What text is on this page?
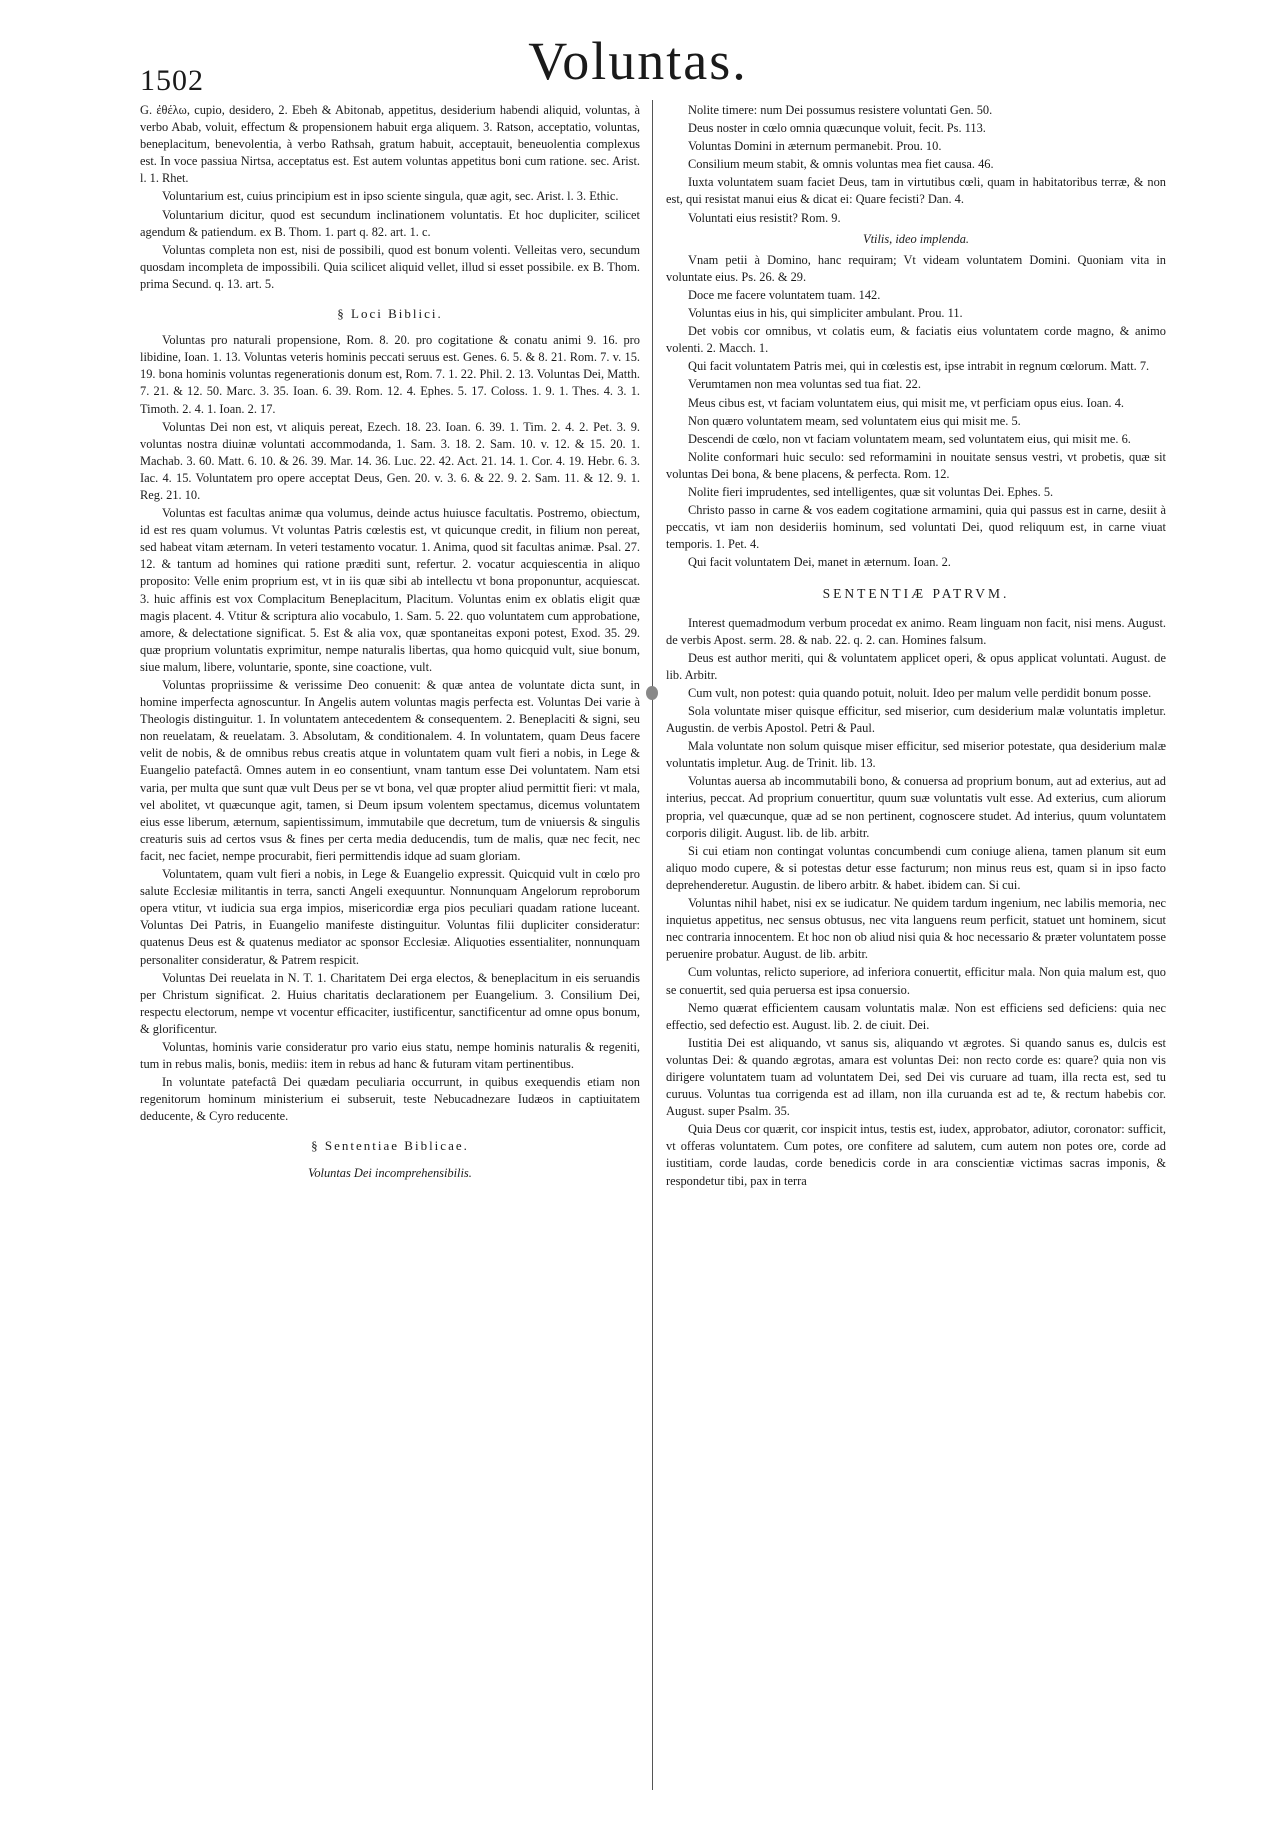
1502	Voluntas.

G. ἐθέλω, cupio, desidero, 2. Ebeh & Abitonab, appetitus, desiderium habendi aliquid, voluntas, à verbo Abab, voluit, effectum & propensionem habuit erga aliquem. 3. Ratson, acceptatio, voluntas, beneplacitum, benevolentia, à verbo Rathsah, gratum habuit, acceptauit, beneuolentia complexus est. In voce passiua Nirtsa, acceptatus est. Est autem voluntas appetitus boni cum ratione. sec. Arist. l. 1. Rhet.

Voluntarium est, cuius principium est in ipso sciente singula, quæ agit, sec. Arist. l. 3. Ethic.

Voluntarium dicitur, quod est secundum inclinationem voluntatis. Et hoc dupliciter, scilicet agendum & patiendum. ex B. Thom. 1. part q. 82. art. 1. c.

Voluntas completa non est, nisi de possibili, quod est bonum volenti. Velleitas vero, secundum quosdam incompleta de impossibili. Quia scilicet aliquid vellet, illud si esset possibile. ex B. Thom. prima Secund. q. 13. art. 5.

§ Loci Biblici.

Voluntas pro naturali propensione, Rom. 8. 20. pro cogitatione & conatu animi 9. 16. pro libidine, Ioan. 1. 13. Voluntas veteris hominis peccati seruus est. Genes. 6. 5. & 8. 21. Rom. 7. v. 15. 19. bona hominis voluntas regenerationis donum est, Rom. 7. 1. 22. Phil. 2. 13. Voluntas Dei, Matth. 7. 21. & 12. 50. Marc. 3. 35. Ioan. 6. 39. Rom. 12. 4. Ephes. 5. 17. Coloss. 1. 9. 1. Thes. 4. 3. 1. Timoth. 2. 4. 1. Ioan. 2. 17.

Voluntas Dei non est, vt aliquis pereat, Ezech. 18. 23. Ioan. 6. 39. 1. Tim. 2. 4. 2. Pet. 3. 9. voluntas nostra diuinæ voluntati accommodanda, 1. Sam. 3. 18. 2. Sam. 10. v. 12. & 15. 20. 1. Machab. 3. 60. Matt. 6. 10. & 26. 39. Mar. 14. 36. Luc. 22. 42. Act. 21. 14. 1. Cor. 4. 19. Hebr. 6. 3. Iac. 4. 15. Voluntatem pro opere acceptat Deus, Gen. 20. v. 3. 6. & 22. 9. 2. Sam. 11. & 12. 9. 1. Reg. 21. 10.

Voluntas est facultas animæ qua volumus, deinde actus huiusce facultatis. Postremo, obiectum, id est res quam volumus. Vt voluntas Patris cœlestis est, vt quicunque credit, in filium non pereat, sed habeat vitam æternam. In veteri testamento vocatur. 1. Anima, quod sit facultas animæ. Psal. 27. 12. & tantum ad homines qui ratione præditi sunt, refertur. 2. vocatur acquiescentia in aliquo proposito: Velle enim proprium est, vt in iis quæ sibi ab intellectu vt bona proponuntur, acquiescat. 3. huic affinis est vox Complacitum Beneplacitum, Placitum. Voluntas enim ex oblatis eligit quæ magis placent. 4. Vtitur & scriptura alio vocabulo, 1. Sam. 5. 22. quo voluntatem cum approbatione, amore, & delectatione significat. 5. Est & alia vox, quæ spontaneitas exponi potest, Exod. 35. 29. quæ proprium voluntatis exprimitur, nempe naturalis libertas, qua homo quicquid vult, siue bonum, siue malum, libere, voluntarie, sponte, sine coactione, vult.

Voluntas propriissime & verissime Deo conuenit: & quæ antea de voluntate dicta sunt, in homine imperfecta agnoscuntur. In Angelis autem voluntas magis perfecta est. Voluntas Dei varie à Theologis distinguitur. 1. In voluntatem antecedentem & consequentem. 2. Beneplaciti & signi, seu non reuelatam, & reuelatam. 3. Absolutam, & conditionalem. 4. In voluntatem, quam Deus facere velit de nobis, & de omnibus rebus creatis atque in voluntatem quam vult fieri a nobis, in Lege & Euangelio patefactâ. Omnes autem in eo consentiunt, vnam tantum esse Dei voluntatem. Nam etsi varia, per multa que sunt quæ vult Deus per se vt bona, vel quæ propter aliud permittit fieri: vt mala, vel abolitet, vt quæcunque agit, tamen, si Deum ipsum volentem spectamus, dicemus voluntatem eius esse liberum, æternum, sapientissimum, immutabile que decretum, tum de vniuersis & singulis creaturis suis ad certos vsus & fines per certa media deducendis, tum de malis, quæ nec fecit, nec facit, nec faciet, nempe procurabit, fieri permittendis idque ad suam gloriam.

Voluntatem, quam vult fieri a nobis, in Lege & Euangelio expressit. Quicquid vult in cœlo pro salute Ecclesiæ militantis in terra, sancti Angeli exequuntur. Nonnunquam Angelorum reproborum opera vtitur, vt iudicia sua erga impios, misericordiæ erga pios peculiari quadam ratione luceant. Voluntas Dei Patris, in Euangelio manifeste distinguitur. Voluntas filii dupliciter consideratur: quatenus Deus est & quatenus mediator ac sponsor Ecclesiæ. Aliquoties essentialiter, nonnunquam personaliter consideratur, & Patrem respicit.

Voluntas Dei reuelata in N. T. 1. Charitatem Dei erga electos, & beneplacitum in eis seruandis per Christum significat. 2. Huius charitatis declarationem per Euangelium. 3. Consilium Dei, respectu electorum, nempe vt vocentur efficaciter, iustificentur, sanctificentur ad omne opus bonum, & glorificentur.

Voluntas, hominis varie consideratur pro vario eius statu, nempe hominis naturalis & regeniti, tum in rebus malis, bonis, mediis: item in rebus ad hanc & futuram vitam pertinentibus.

In voluntate patefactâ Dei quædam peculiaria occurrunt, in quibus exequendis etiam non regenitorum hominum ministerium ei subseruit, teste Nebucadnezare Iudæos in captiuitatem deducente, & Cyro reducente.

§ Sententiae Biblicae.
Voluntas Dei incomprehensibilis.

Nolite timere: num Dei possumus resistere voluntati Gen. 50.

Deus noster in cœlo omnia quæcunque voluit, fecit. Ps. 113.

Voluntas Domini in æternum permanebit. Prou. 10.

Consilium meum stabit, & omnis voluntas mea fiet causa. 46.

Iuxta voluntatem suam faciet Deus, tam in virtutibus cœli, quam in habitatoribus terræ, & non est, qui resistat manui eius & dicat ei: Quare fecisti? Dan. 4.

Voluntati eius resistit? Rom. 9.

Vtilis, ideo implenda.

Vnam petii à Domino, hanc requiram; Vt videam voluntatem Domini. Quoniam vita in voluntate eius. Ps. 26. & 29.

Doce me facere voluntatem tuam. 142.

Voluntas eius in his, qui simpliciter ambulant. Prou. 11.

Det vobis cor omnibus, vt colatis eum, & faciatis eius voluntatem corde magno, & animo volenti. 2. Macch. 1.

Qui facit voluntatem Patris mei, qui in cœlestis est, ipse intrabit in regnum cœlorum. Matt. 7.

Verumtamen non mea voluntas sed tua fiat. 22.

Meus cibus est, vt faciam voluntatem eius, qui misit me, vt perficiam opus eius. Ioan. 4.

Non quæro voluntatem meam, sed voluntatem eius qui misit me. 5.

Descendi de cœlo, non vt faciam voluntatem meam, sed voluntatem eius, qui misit me. 6.

Nolite conformari huic seculo: sed reformamini in nouitate sensus vestri, vt probetis, quæ sit voluntas Dei bona, & bene placens, & perfecta. Rom. 12.

Nolite fieri imprudentes, sed intelligentes, quæ sit voluntas Dei. Ephes. 5.

Christo passo in carne & vos eadem cogitatione armamini, quia qui passus est in carne, desiit à peccatis, vt iam non desideriis hominum, sed voluntati Dei, quod reliquum est, in carne viuat temporis. 1. Pet. 4.

Qui facit voluntatem Dei, manet in æternum. Ioan. 2.

SENTENTIÆ PATRVM.

Interest quemadmodum verbum procedat ex animo. Ream linguam non facit, nisi mens. August. de verbis Apost. serm. 28. & nab. 22. q. 2. can. Homines falsum.

Deus est author meriti, qui & voluntatem applicet operi, & opus applicat voluntati. August. de lib. Arbitr.

Cum vult, non potest: quia quando potuit, noluit. Ideo per malum velle perdidit bonum posse.

Sola voluntate miser quisque efficitur, sed miserior, cum desiderium malæ voluntatis impletur. Augustin. de verbis Apostol. Petri & Paul.

Mala voluntate non solum quisque miser efficitur, sed miserior potestate, qua desiderium malæ voluntatis impletur. Aug. de Trinit. lib. 13.

Voluntas auersa ab incommutabili bono, & conuersa ad proprium bonum, aut ad exterius, aut ad interius, peccat. Ad proprium conuertitur, quum suæ voluntatis vult esse. Ad exterius, cum aliorum propria, vel quæcunque, quæ ad se non pertinent, cognoscere studet. Ad interius, quum voluntatem corporis diligit. August. lib. de lib. arbitr.

Si cui etiam non contingat voluntas concumbendi cum coniuge aliena, tamen planum sit eum aliquo modo cupere, & si potestas detur esse facturum; non minus reus est, quam si in ipso facto deprehenderetur. Augustin. de libero arbitr. & habet. ibidem can. Si cui.

Voluntas nihil habet, nisi ex se iudicatur. Ne quidem tardum ingenium, nec labilis memoria, nec inquietus appetitus, nec sensus obtusus, nec vita languens reum perficit, statuet unt hominem, sicut nec contraria innocentem. Et hoc non ob aliud nisi quia & hoc necessario & præter voluntatem posse peruenire probatur. August. de lib. arbitr.

Cum voluntas, relicto superiore, ad inferiora conuertit, efficitur mala. Non quia malum est, quo se conuertit, sed quia peruersa est ipsa conuersio.

Nemo quærat efficientem causam voluntatis malæ. Non est efficiens sed deficiens: quia nec effectio, sed defectio est. August. lib. 2. de ciuit. Dei.

Iustitia Dei est aliquando, vt sanus sis, aliquando vt ægrotes. Si quando sanus es, dulcis est voluntas Dei: & quando ægrotas, amara est voluntas Dei: non recto corde es: quare? quia non vis dirigere voluntatem tuam ad voluntatem Dei, sed Dei vis curuare ad tuam, illa recta est, sed tu curuus. Voluntas tua corrigenda est ad illam, non illa curuanda est ad te, & rectum habebis cor. August. super Psalm. 35.

Quia Deus cor quærit, cor inspicit intus, testis est, iudex, approbator, adiutor, coronator: sufficit, vt offeras voluntatem. Cum potes, ore confitere ad salutem, cum autem non potes ore, corde ad iustitiam, corde laudas, corde benedicis corde in ara conscientiæ victimas sacras imponis, & respondetur tibi, pax in terra
